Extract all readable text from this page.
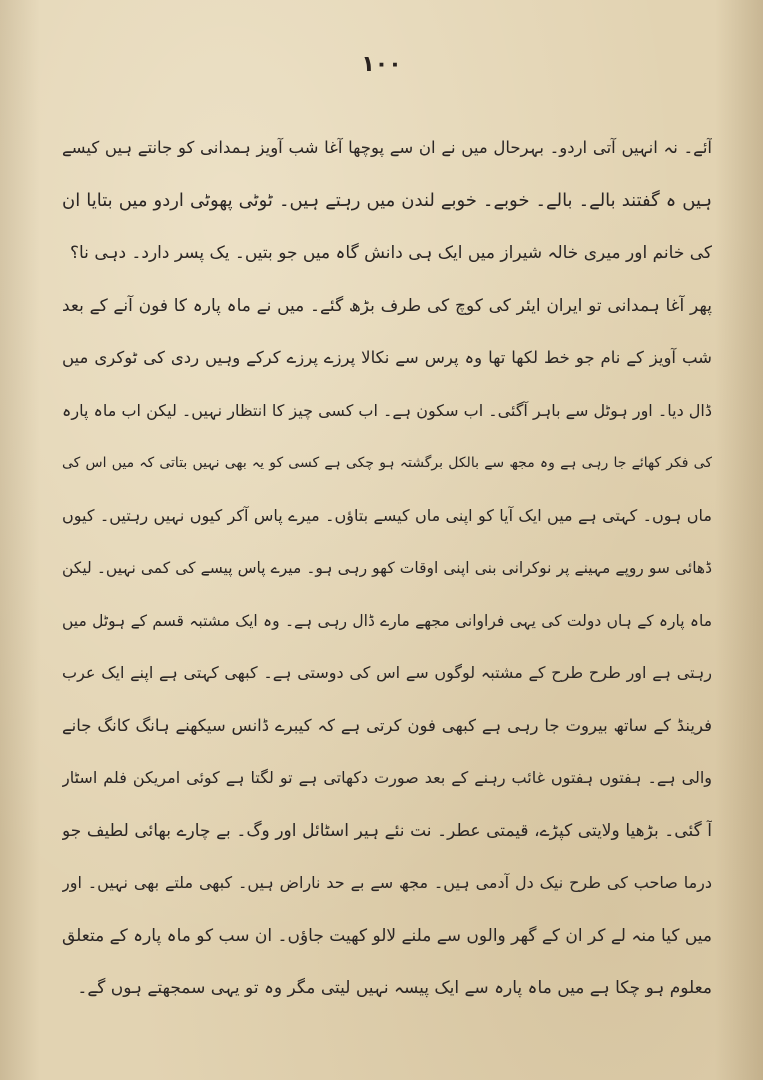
۱۰۰
آئے۔ نہ انہیں آتی اردو۔ بہرحال میں نے ان سے پوچھا آغا شب آویز ہمدانی کو جانتے ہیں کیسے
ہیں ہ گفتند بالے۔ بالے۔ خوبے۔ خوبے لندن میں رہتے ہیں۔ ٹوٹی پھوٹی اردو میں بتایا ان
کی خانم اور میری خالہ شیراز میں ایک ہی دانش گاہ میں جو بتیں۔ یک پسر دارد۔ دہی نا؟
پھر آغا ہمدانی تو ایران ایئر کی کوچ کی طرف بڑھ گئے۔ میں نے ماہ پارہ کا فون آنے کے بعد
شب آویز کے نام جو خط لکھا تھا وہ پرس سے نکالا پرزے پرزے کرکے وہیں ردی کی ٹوکری میں
ڈال دیا۔ اور ہوٹل سے باہر آگئی۔ اب سکون ہے۔ اب کسی چیز کا انتظار نہیں۔ لیکن اب ماہ پارہ
کی فکر کھائے جا رہی ہے وہ مجھ سے بالکل برگشتہ ہو چکی ہے کسی کو یہ بھی نہیں بتاتی کہ میں اس کی
ماں ہوں۔ کہتی ہے میں ایک آیا کو اپنی ماں کیسے بتاؤں۔ میرے پاس آکر کیوں نہیں رہتیں۔ کیوں
ڈھائی سو روپے مہینے پر نوکرانی بنی اپنی اوقات کھو رہی ہو۔ میرے پاس پیسے کی کمی نہیں۔ لیکن
ماہ پارہ کے ہاں دولت کی یہی فراوانی مجھے مارے ڈال رہی ہے۔ وہ ایک مشتبہ قسم کے ہوٹل میں
رہتی ہے اور طرح طرح کے مشتبہ لوگوں سے اس کی دوستی ہے۔ کبھی کہتی ہے اپنے ایک عرب
فرینڈ کے ساتھ بیروت جا رہی ہے کبھی فون کرتی ہے کہ کیبرے ڈانس سیکھنے ہانگ کانگ جانے
والی ہے۔ ہفتوں ہفتوں غائب رہنے کے بعد صورت دکھاتی ہے تو لگتا ہے کوئی امریکن فلم اسٹار
آ گئی۔ بڑھیا ولایتی کپڑے، قیمتی عطر۔ نت نئے ہیر اسٹائل اور وگ۔ بے چارے بھائی لطیف جو
درما صاحب کی طرح نیک دل آدمی ہیں۔ مجھ سے بے حد ناراض ہیں۔ کبھی ملتے بھی نہیں۔ اور
میں کیا منہ لے کر ان کے گھر والوں سے ملنے لالو کھیت جاؤں۔ ان سب کو ماہ پارہ کے متعلق
معلوم ہو چکا ہے میں ماہ پارہ سے ایک پیسہ نہیں لیتی مگر وہ تو یہی سمجھتے ہوں گے۔
